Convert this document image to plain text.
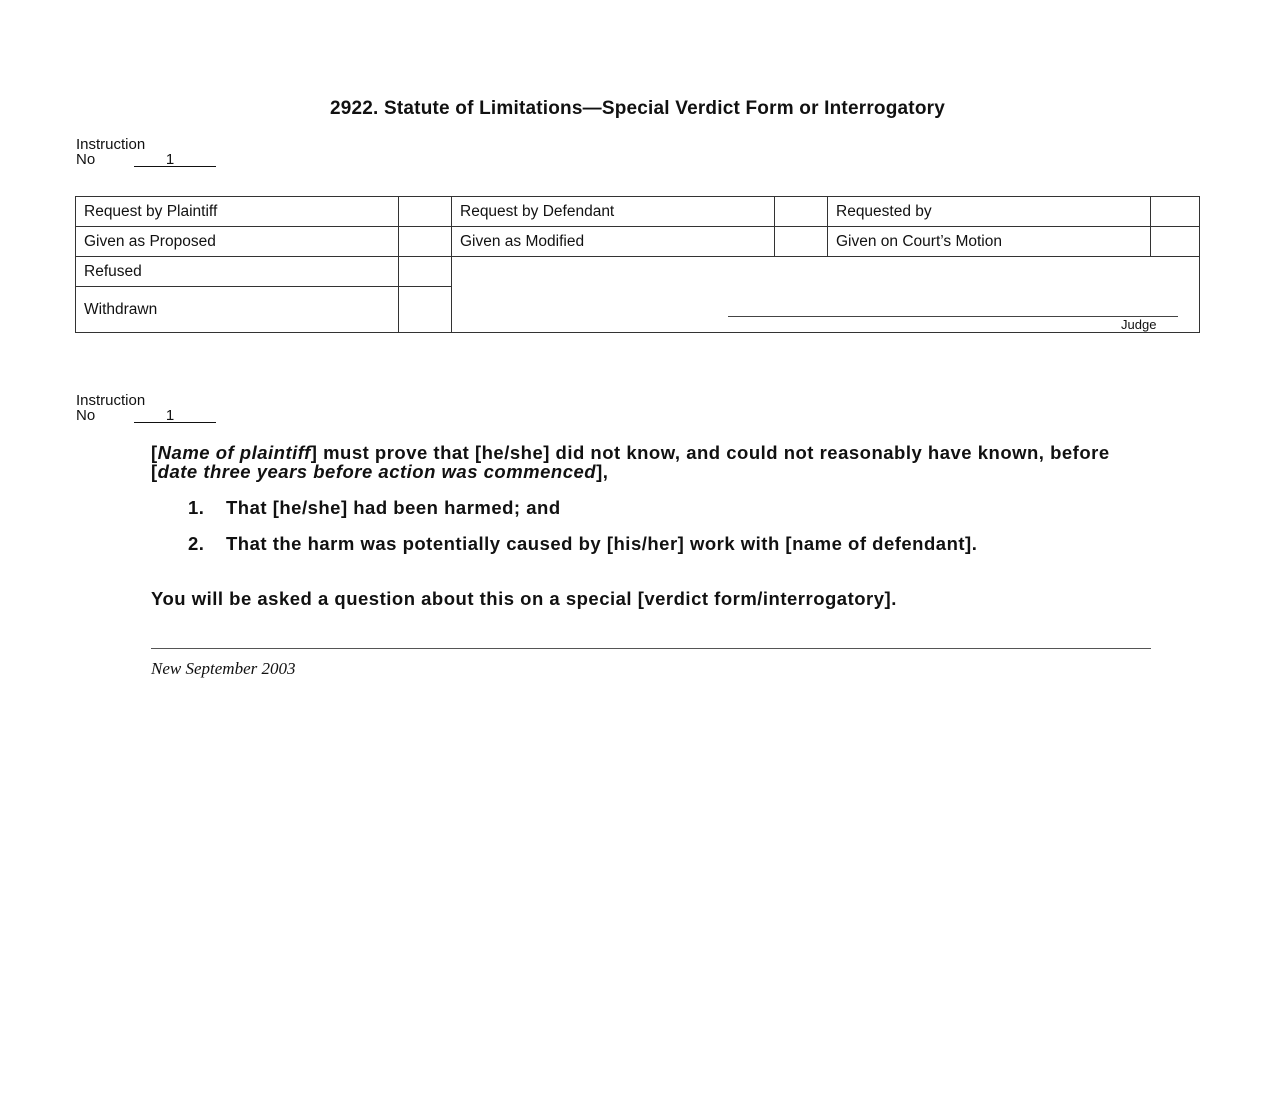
2922. Statute of Limitations—Special Verdict Form or Interrogatory
Instruction
No	1
Request by Plaintiff	Request by Defendant	Requested by
Given as Proposed	Given as Modified	Given on Court’s Motion
Refused
Withdrawn
Judge
Instruction
No	1
[Name of plaintiff] must prove that [he/she] did not know, and could not reasonably have known, before [date three years before action was commenced],
1. That [he/she] had been harmed; and
2. That the harm was potentially caused by [his/her] work with [name of defendant].
You will be asked a question about this on a special [verdict form/interrogatory].
New September 2003
